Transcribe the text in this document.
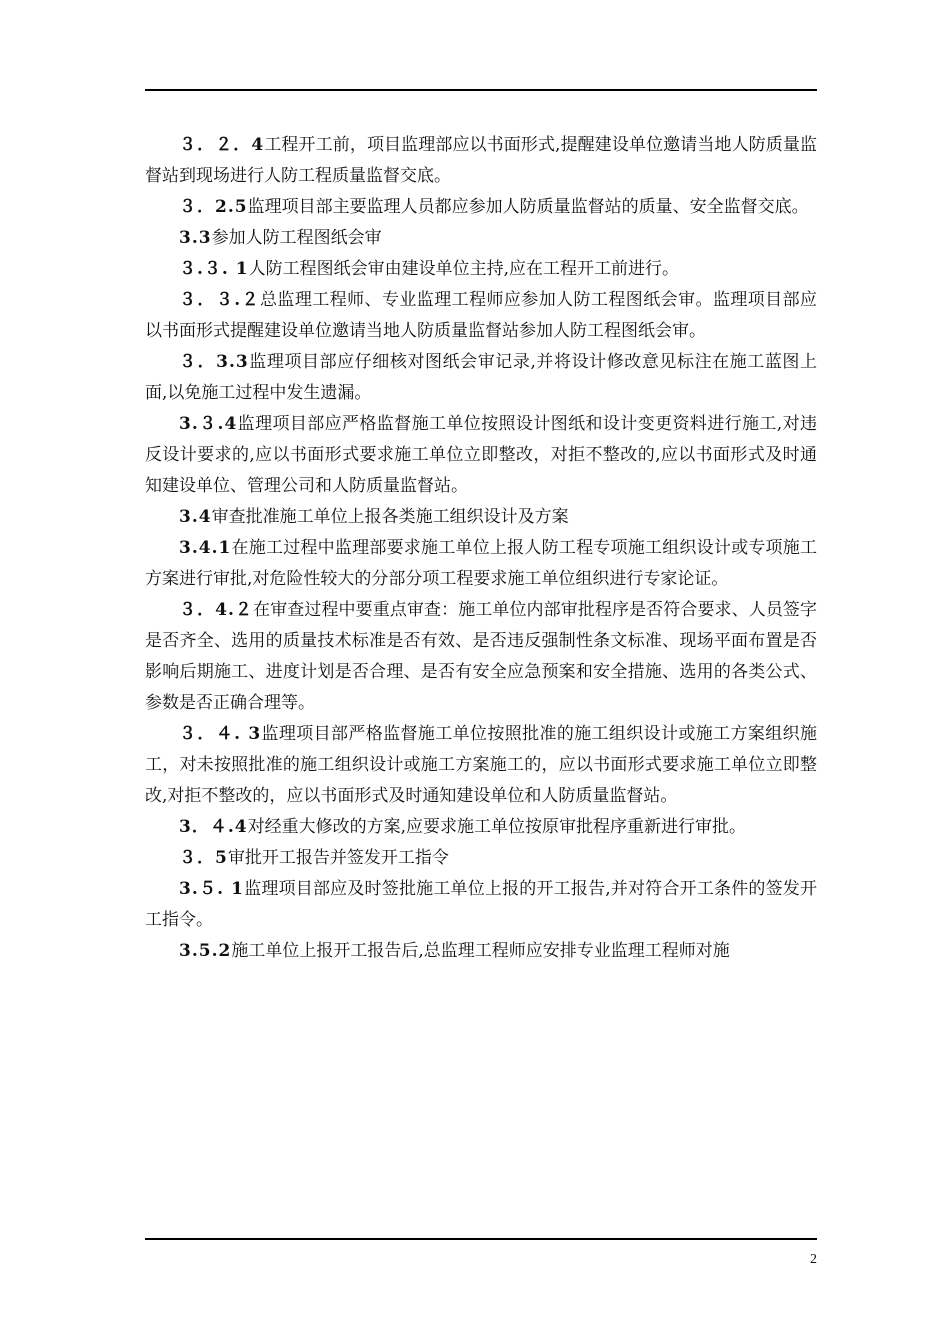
３．２．4工程开工前，项目监理部应以书面形式,提醒建设单位邀请当地人防质量监督站到现场进行人防工程质量监督交底。

３．2.5监理项目部主要监理人员都应参加人防质量监督站的质量、安全监督交底。

3.3参加人防工程图纸会审

３.３. 1人防工程图纸会审由建设单位主持,应在工程开工前进行。

３．３.２总监理工程师、专业监理工程师应参加人防工程图纸会审。监理项目部应以书面形式提醒建设单位邀请当地人防质量监督站参加人防工程图纸会审。

３．3.3监理项目部应仔细核对图纸会审记录,并将设计修改意见标注在施工蓝图上面,以免施工过程中发生遗漏。

3.３.4监理项目部应严格监督施工单位按照设计图纸和设计变更资料进行施工,对违反设计要求的,应以书面形式要求施工单位立即整改，对拒不整改的,应以书面形式及时通知建设单位、管理公司和人防质量监督站。

3.4审查批准施工单位上报各类施工组织设计及方案

3.4.1在施工过程中监理部要求施工单位上报人防工程专项施工组织设计或专项施工方案进行审批,对危险性较大的分部分项工程要求施工单位组织进行专家论证。

３．4.２在审查过程中要重点审查：施工单位内部审批程序是否符合要求、人员签字是否齐全、选用的质量技术标准是否有效、是否违反强制性条文标准、现场平面布置是否影响后期施工、进度计划是否合理、是否有安全应急预案和安全措施、选用的各类公式、参数是否正确合理等。

３．４. 3监理项目部严格监督施工单位按照批准的施工组织设计或施工方案组织施工，对未按照批准的施工组织设计或施工方案施工的，应以书面形式要求施工单位立即整改,对拒不整改的，应以书面形式及时通知建设单位和人防质量监督站。

3．４.4对经重大修改的方案,应要求施工单位按原审批程序重新进行审批。

３．5审批开工报告并签发开工指令

3.５. 1监理项目部应及时签批施工单位上报的开工报告,并对符合开工条件的签发开工指令。

3.5.2施工单位上报开工报告后,总监理工程师应安排专业监理工程师对施

2
